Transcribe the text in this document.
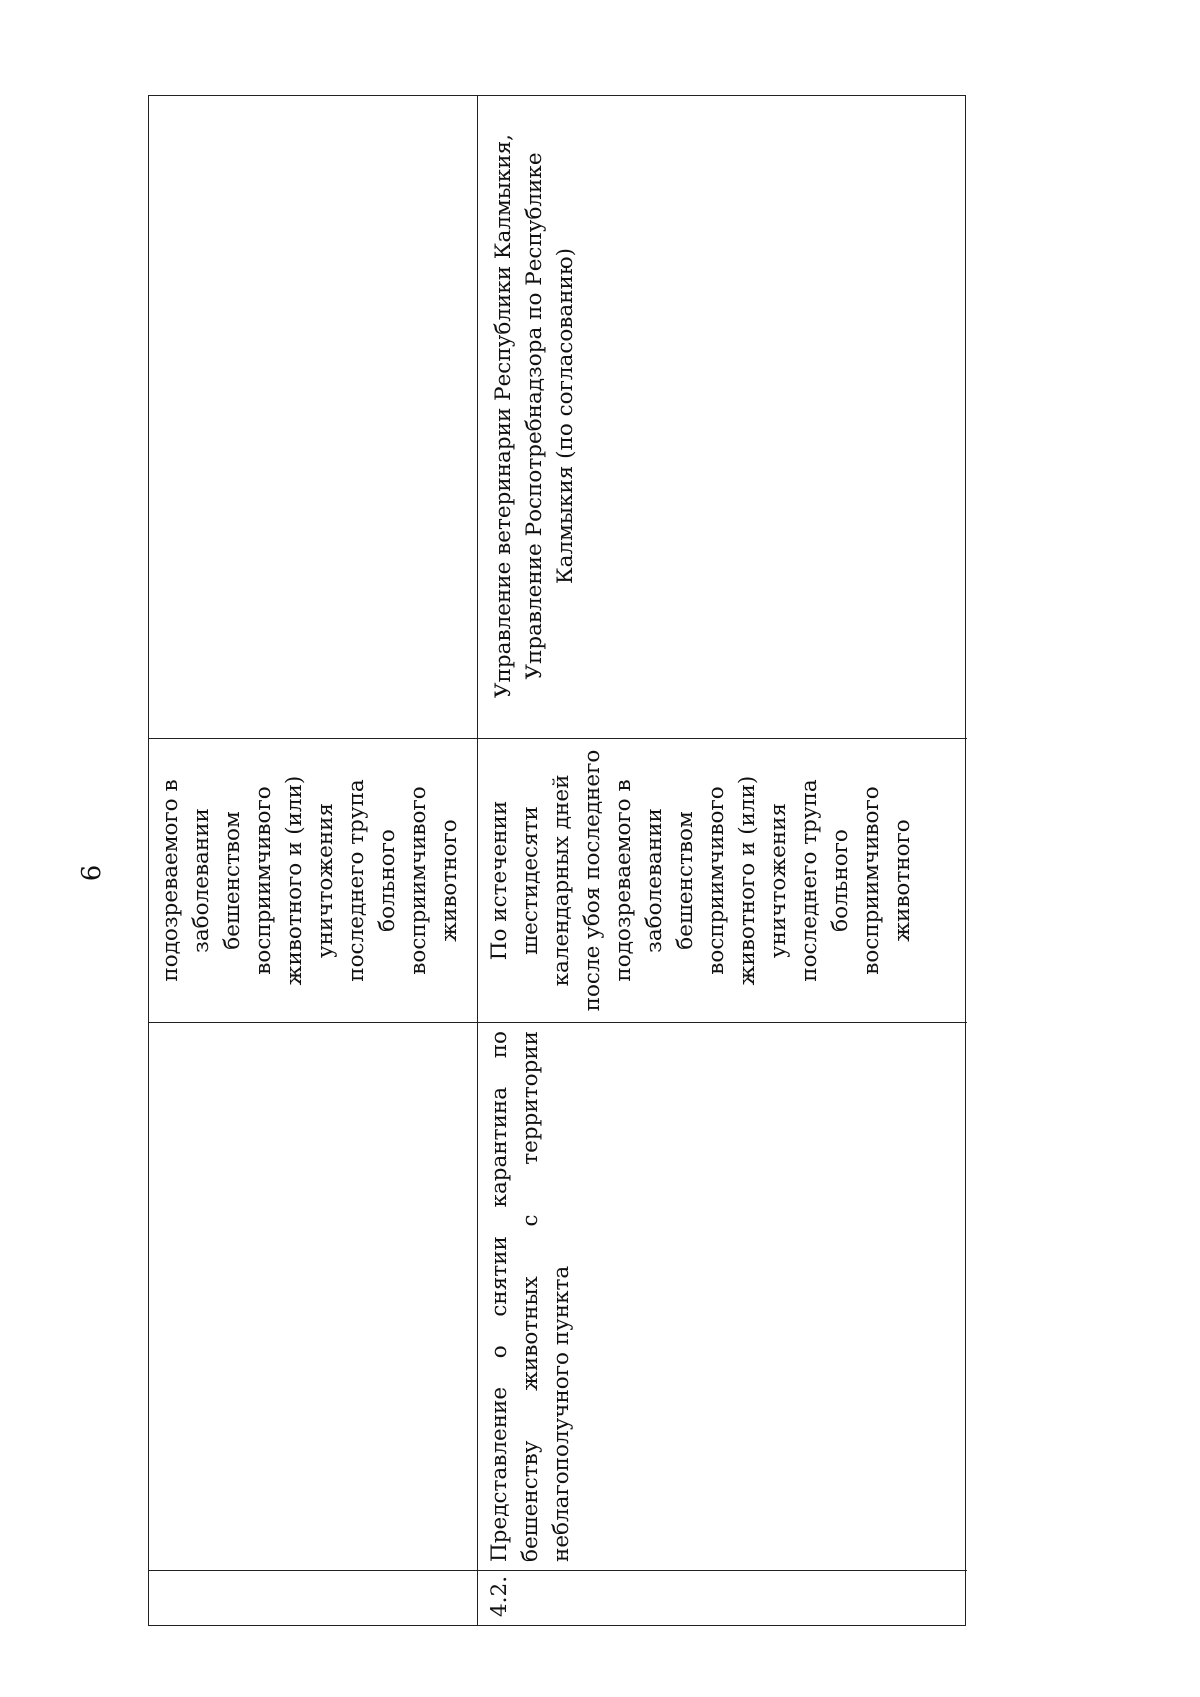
6	подозреваемого в заболевании бешенством восприимчивого животного и (или) уничтожения последнего трупа больного восприимчивого животного
4.2.
Представление о снятии карантина по бешенству животных с территории неблагополучного пункта
По истечении шестидесяти календарных дней после убоя последнего подозреваемого в заболевании бешенством восприимчивого животного и (или) уничтожения последнего трупа больного восприимчивого животного
Управление ветеринарии Республики Калмыкия, Управление Роспотребнадзора по Республике Калмыкия (по согласованию)
